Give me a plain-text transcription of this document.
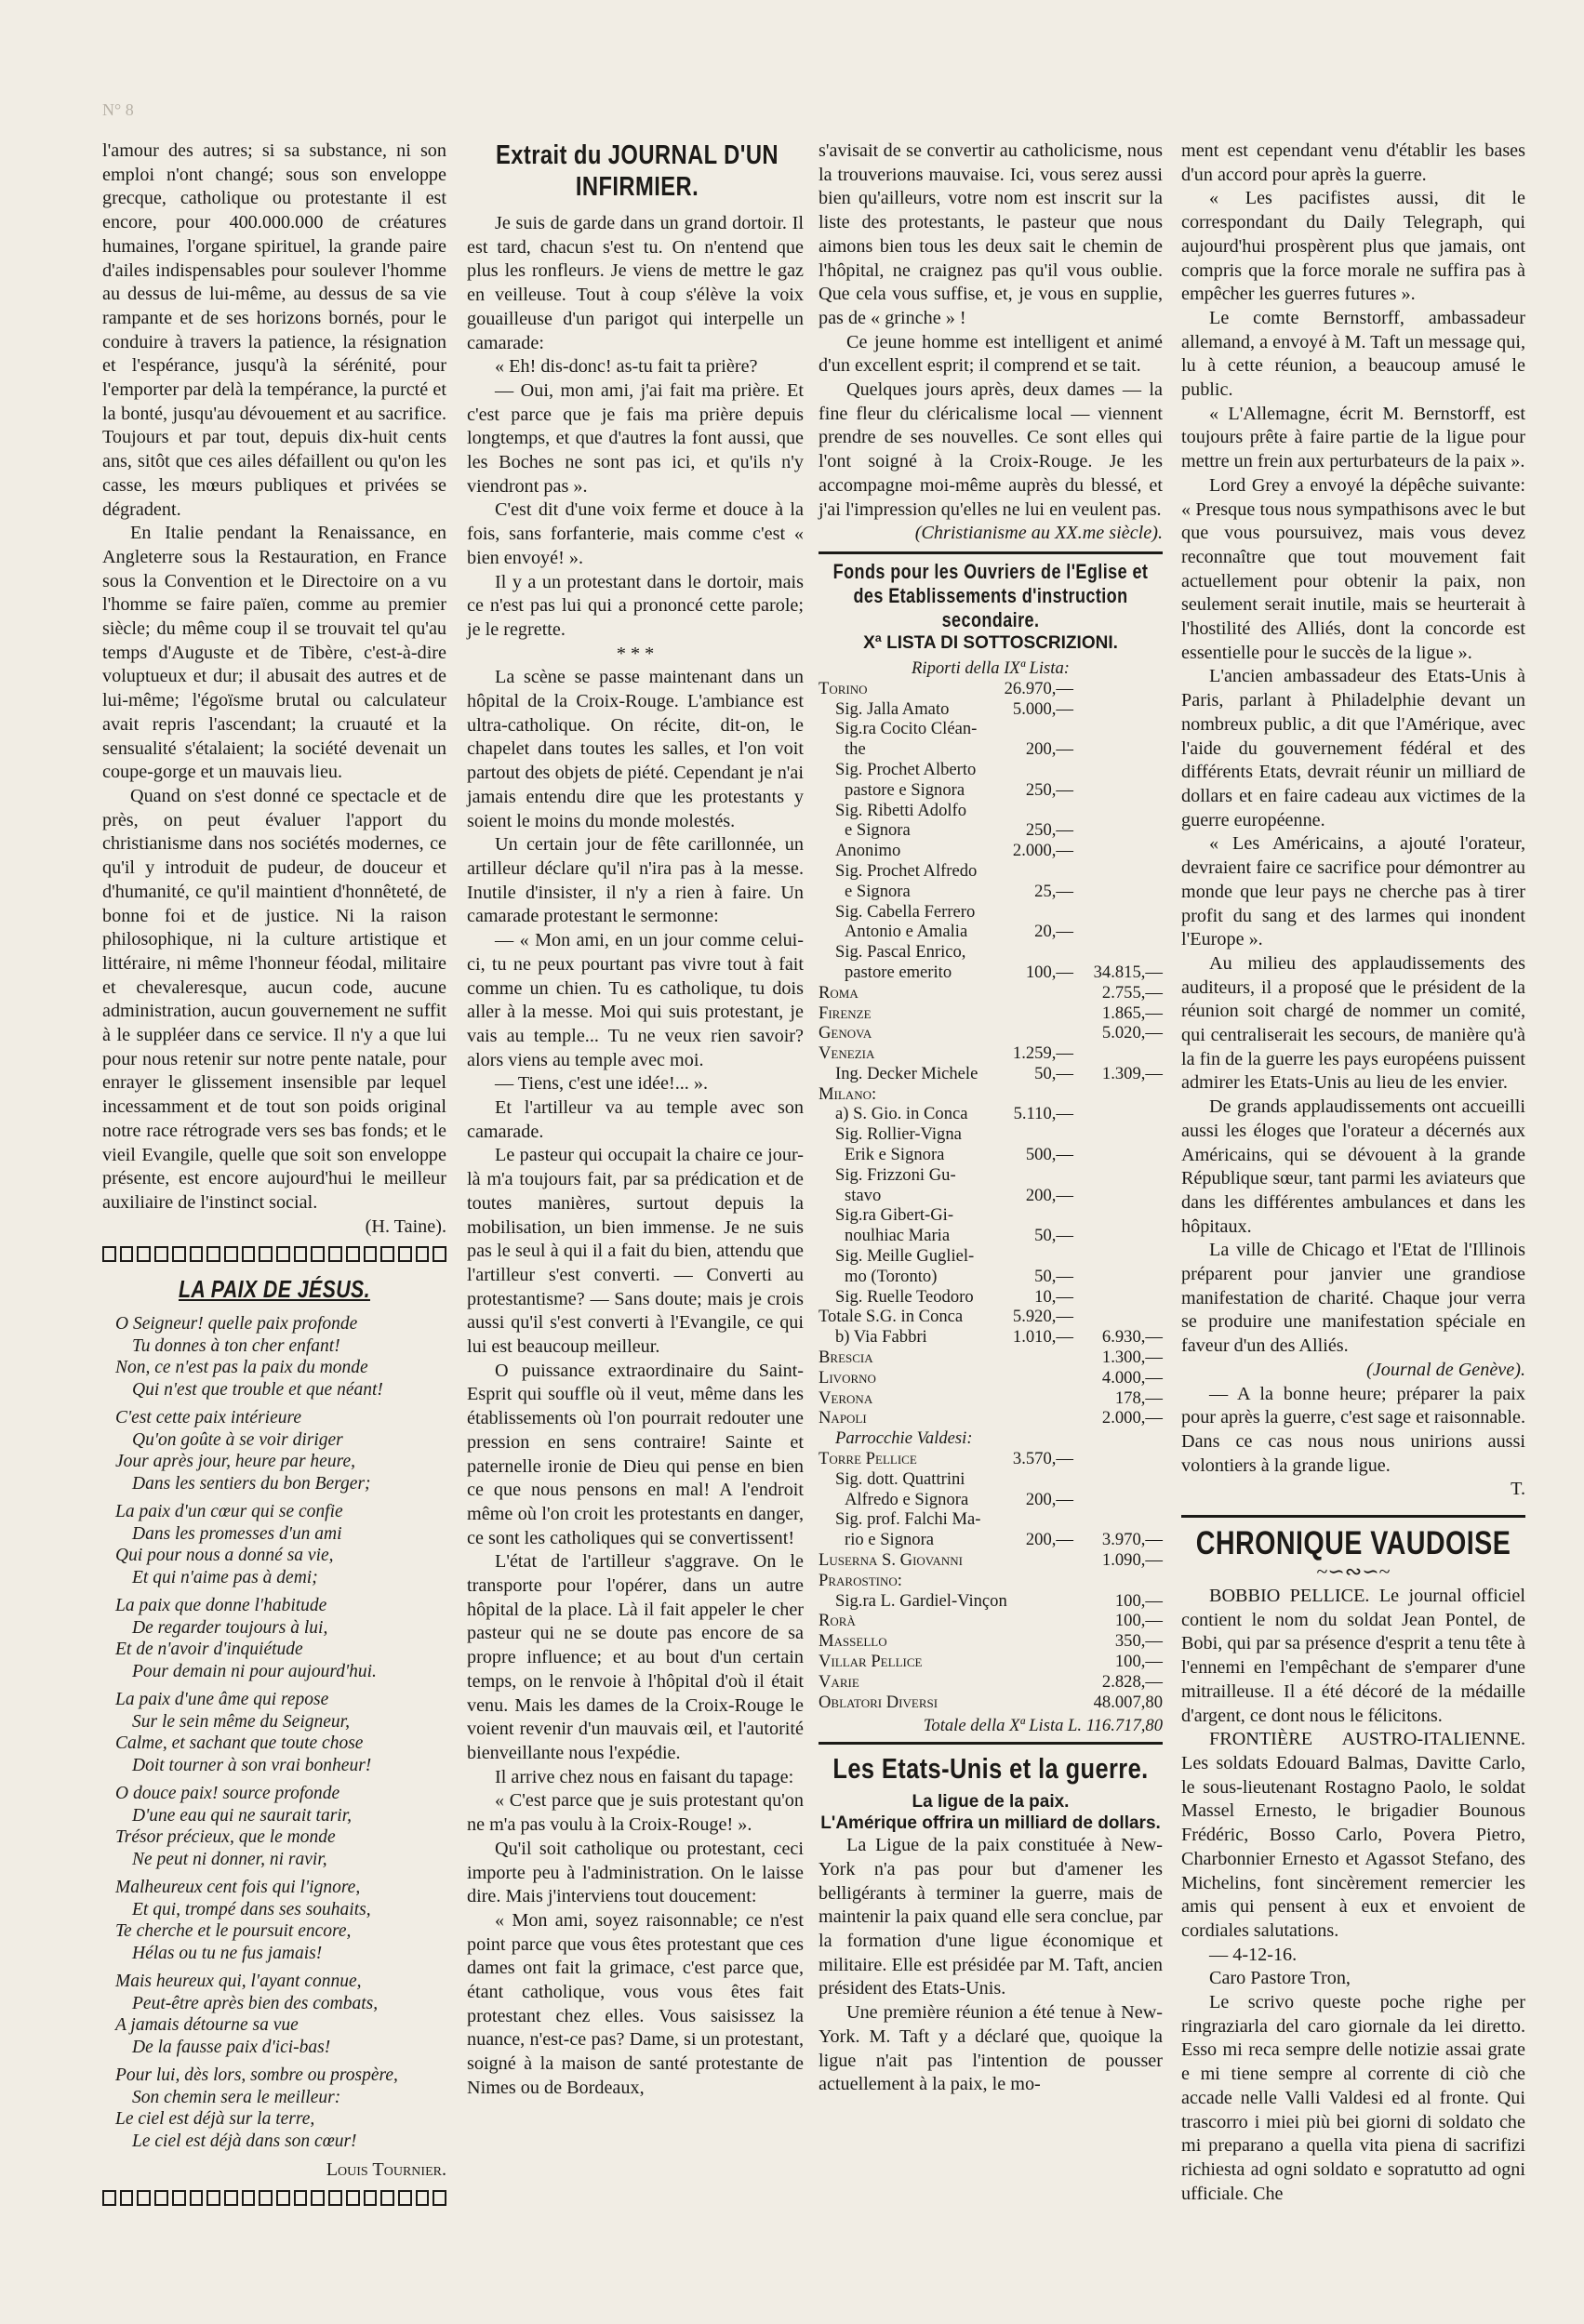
N° 8

l'amour des autres; si sa substance, ni son emploi n'ont changé; sous son enveloppe grecque, catholique ou protestante il est encore, pour 400.000.000 de créatures humaines, l'organe spirituel, la grande paire d'ailes indispensables pour soulever l'homme au dessus de lui-même, au dessus de sa vie rampante et de ses horizons bornés, pour le conduire à travers la patience, la résignation et l'espérance, jusqu'à la sérénité, pour l'emporter par delà la tempérance, la purcté et la bonté, jusqu'au dévouement et au sacrifice. Toujours et par tout, depuis dix-huit cents ans, sitôt que ces ailes défaillent ou qu'on les casse, les mœurs publiques et privées se dégradent.

En Italie pendant la Renaissance, en Angleterre sous la Restauration, en France sous la Convention et le Directoire on a vu l'homme se faire païen, comme au premier siècle; du même coup il se trouvait tel qu'au temps d'Auguste et de Tibère, c'est-à-dire voluptueux et dur; il abusait des autres et de lui-même; l'égoïsme brutal ou calculateur avait repris l'ascendant; la cruauté et la sensualité s'étalaient; la société devenait un coupe-gorge et un mauvais lieu.

Quand on s'est donné ce spectacle et de près, on peut évaluer l'apport du christianisme dans nos sociétés modernes, ce qu'il y introduit de pudeur, de douceur et d'humanité, ce qu'il maintient d'honnêteté, de bonne foi et de justice. Ni la raison philosophique, ni la culture artistique et littéraire, ni même l'honneur féodal, militaire et chevaleresque, aucun code, aucune administration, aucun gouvernement ne suffit à le suppléer dans ce service. Il n'y a que lui pour nous retenir sur notre pente natale, pour enrayer le glissement insensible par lequel incessamment et de tout son poids original notre race rétrograde vers ses bas fonds; et le vieil Evangile, quelle que soit son enveloppe présente, est encore aujourd'hui le meilleur auxiliaire de l'instinct social.

(H. Taine).
LA PAIX DE JÉSUS.
O Seigneur! quelle paix profonde
Tu donnes à ton cher enfant!
Non, ce n'est pas la paix du monde
Qui n'est que trouble et que néant!
C'est cette paix intérieure
Qu'on goûte à se voir diriger
Jour après jour, heure par heure,
Dans les sentiers du bon Berger;
La paix d'un cœur qui se confie
Dans les promesses d'un ami
Qui pour nous a donné sa vie,
Et qui n'aime pas à demi;
La paix que donne l'habitude
De regarder toujours à lui,
Et de n'avoir d'inquiétude
Pour demain ni pour aujourd'hui.
La paix d'une âme qui repose
Sur le sein même du Seigneur,
Calme, et sachant que toute chose
Doit tourner à son vrai bonheur!
O douce paix! source profonde
D'une eau qui ne saurait tarir,
Trésor précieux, que le monde
Ne peut ni donner, ni ravir,
Malheureux cent fois qui l'ignore,
Et qui, trompé dans ses souhaits,
Te cherche et le poursuit encore,
Hélas ou tu ne fus jamais!
Mais heureux qui, l'ayant connue,
Peut-être après bien des combats,
A jamais détourne sa vue
De la fausse paix d'ici-bas!
Pour lui, dès lors, sombre ou prospère,
Son chemin sera le meilleur:
Le ciel est déjà sur la terre,
Le ciel est déjà dans son cœur!
Louis Tournier.
Extrait du JOURNAL D'UN INFIRMIER.

Je suis de garde dans un grand dortoir. Il est tard, chacun s'est tu. On n'entend que plus les ronfleurs. Je viens de mettre le gaz en veilleuse. Tout à coup s'élève la voix gouailleuse d'un parigot qui interpelle un camarade:

« Eh! dis-donc! as-tu fait ta prière?

— Oui, mon ami, j'ai fait ma prière. Et c'est parce que je fais ma prière depuis longtemps, et que d'autres la font aussi, que les Boches ne sont pas ici, et qu'ils n'y viendront pas ».

C'est dit d'une voix ferme et douce à la fois, sans forfanterie, mais comme c'est « bien envoyé! ».

Il y a un protestant dans le dortoir, mais ce n'est pas lui qui a prononcé cette parole; je le regrette.

* * *

La scène se passe maintenant dans un hôpital de la Croix-Rouge. L'ambiance est ultra-catholique. On récite, dit-on, le chapelet dans toutes les salles, et l'on voit partout des objets de piété. Cependant je n'ai jamais entendu dire que les protestants y soient le moins du monde molestés.

Un certain jour de fête carillonnée, un artilleur déclare qu'il n'ira pas à la messe. Inutile d'insister, il n'y a rien à faire. Un camarade protestant le sermonne:

— « Mon ami, en un jour comme celui-ci, tu ne peux pourtant pas vivre tout à fait comme un chien. Tu es catholique, tu dois aller à la messe. Moi qui suis protestant, je vais au temple... Tu ne veux rien savoir? alors viens au temple avec moi.

— Tiens, c'est une idée!... ».

Et l'artilleur va au temple avec son camarade.

Le pasteur qui occupait la chaire ce jour-là m'a toujours fait, par sa prédication et de toutes manières, surtout depuis la mobilisation, un bien immense. Je ne suis pas le seul à qui il a fait du bien, attendu que l'artilleur s'est converti. — Converti au protestantisme? — Sans doute; mais je crois aussi qu'il s'est converti à l'Evangile, ce qui lui est beaucoup meilleur.

O puissance extraordinaire du Saint-Esprit qui souffle où il veut, même dans les établissements où l'on pourrait redouter une pression en sens contraire! Sainte et paternelle ironie de Dieu qui pense en bien ce que nous pensons en mal! A l'endroit même où l'on croit les protestants en danger, ce sont les catholiques qui se convertissent!

L'état de l'artilleur s'aggrave. On le transporte pour l'opérer, dans un autre hôpital de la place. Là il fait appeler le cher pasteur qui ne se doute pas encore de sa propre influence; et au bout d'un certain temps, on le renvoie à l'hôpital d'où il était venu. Mais les dames de la Croix-Rouge le voient revenir d'un mauvais œil, et l'autorité bienveillante nous l'expédie.

Il arrive chez nous en faisant du tapage:

« C'est parce que je suis protestant qu'on ne m'a pas voulu à la Croix-Rouge! ».

Qu'il soit catholique ou protestant, ceci importe peu à l'administration. On le laisse dire. Mais j'interviens tout doucement:

« Mon ami, soyez raisonnable; ce n'est point parce que vous êtes protestant que ces dames ont fait la grimace, c'est parce que, étant catholique, vous vous êtes fait protestant chez elles. Vous saisissez la nuance, n'est-ce pas? Dame, si un protestant, soigné à la maison de santé protestante de Nimes ou de Bordeaux,

s'avisait de se convertir au catholicisme, nous la trouverions mauvaise. Ici, vous serez aussi bien qu'ailleurs, votre nom est inscrit sur la liste des protestants, le pasteur que nous aimons bien tous les deux sait le chemin de l'hôpital, ne craignez pas qu'il vous oublie. Que cela vous suffise, et, je vous en supplie, pas de « grinche » !

Ce jeune homme est intelligent et animé d'un excellent esprit; il comprend et se tait.

Quelques jours après, deux dames — la fine fleur du cléricalisme local — viennent prendre de ses nouvelles. Ce sont elles qui l'ont soigné à la Croix-Rouge. Je les accompagne moi-même auprès du blessé, et j'ai l'impression qu'elles ne lui en veulent pas.

(Christianisme au XX.me siècle).
Fonds pour les Ouvriers de l'Eglise et des Etablissements d'instruction secondaire.
Xª LISTA DI SOTTOSCRIZIONI.
Riporti della IXª Lista:
Torino	26.970,—
Sig. Jalla Amato	5.000,—
Sig.ra Cocito Cléan-
the	200,—
Sig. Prochet Alberto
pastore e Signora	250,—
Sig. Ribetti Adolfo
e Signora	250,—
Anonimo	2.000,—
Sig. Prochet Alfredo
e Signora	25,—
Sig. Cabella Ferrero
Antonio e Amalia	20,—
Sig. Pascal Enrico,
pastore emerito	100,— 34.815,—
Roma	2.755,—
Firenze	1.865,—
Genova	5.020,—
Venezia	1.259,—
Ing. Decker Michele	50,— 1.309,—
Milano:
a) S. Gio. in Conca	5.110,—
Sig. Rollier-Vigna
Erik e Signora	500,—
Sig. Frizzoni Gu-
stavo	200,—
Sig.ra Gibert-Gi-
noulhiac Maria	50,—
Sig. Meille Gugliel-
mo (Toronto)	50,—
Sig. Ruelle Teodoro	10,—
Totale S.G. in Conca	5.920,—
b) Via Fabbri	1.010,— 6.930,—
Brescia	1.300,—
Livorno	4.000,—
Verona	178,—
Napoli	2.000,—
Parrocchie Valdesi:
Torre Pellice	3.570,—
Sig. dott. Quattrini
Alfredo e Signora	200,—
Sig. prof. Falchi Ma-
rio e Signora	200,— 3.970,—
Luserna S. Giovanni	1.090,—
Prarostino:
Sig.ra L. Gardiel-Vinçon	100,—
Rorà	100,—
Massello	350,—
Villar Pellice	100,—
Varie	2.828,—
Oblatori Diversi	48.007,80
Totale della Xª Lista L. 116.717,80
Les Etats-Unis et la guerre.
La ligue de la paix.
L'Amérique offrira un milliard de dollars.

La Ligue de la paix constituée à New-York n'a pas pour but d'amener les belligérants à terminer la guerre, mais de maintenir la paix quand elle sera conclue, par la formation d'une ligue économique et militaire. Elle est présidée par M. Taft, ancien président des Etats-Unis.

Une première réunion a été tenue à New-York. M. Taft y a déclaré que, quoique la ligue n'ait pas l'intention de pousser actuellement à la paix, le mo-

ment est cependant venu d'établir les bases d'un accord pour après la guerre.

« Les pacifistes aussi, dit le correspondant du Daily Telegraph, qui aujourd'hui prospèrent plus que jamais, ont compris que la force morale ne suffira pas à empêcher les guerres futures ».

Le comte Bernstorff, ambassadeur allemand, a envoyé à M. Taft un message qui, lu à cette réunion, a beaucoup amusé le public.

« L'Allemagne, écrit M. Bernstorff, est toujours prête à faire partie de la ligue pour mettre un frein aux perturbateurs de la paix ».

Lord Grey a envoyé la dépêche suivante: « Presque tous nous sympathisons avec le but que vous poursuivez, mais vous devez reconnaître que tout mouvement fait actuellement pour obtenir la paix, non seulement serait inutile, mais se heurterait à l'hostilité des Alliés, dont la concorde est essentielle pour le succès de la ligue ».

L'ancien ambassadeur des Etats-Unis à Paris, parlant à Philadelphie devant un nombreux public, a dit que l'Amérique, avec l'aide du gouvernement fédéral et des différents Etats, devrait réunir un milliard de dollars et en faire cadeau aux victimes de la guerre européenne.

« Les Américains, a ajouté l'orateur, devraient faire ce sacrifice pour démontrer au monde que leur pays ne cherche pas à tirer profit du sang et des larmes qui inondent l'Europe ».

Au milieu des applaudissements des auditeurs, il a proposé que le président de la réunion soit chargé de nommer un comité, qui centraliserait les secours, de manière qu'à la fin de la guerre les pays européens puissent admirer les Etats-Unis au lieu de les envier.

De grands applaudissements ont accueilli aussi les éloges que l'orateur a décernés aux Américains, qui se dévouent à la grande République sœur, tant parmi les aviateurs que dans les différentes ambulances et dans les hôpitaux.

La ville de Chicago et l'Etat de l'Illinois préparent pour janvier une grandiose manifestation de charité. Chaque jour verra se produire une manifestation spéciale en faveur d'un des Alliés.

(Journal de Genève).

— A la bonne heure; préparer la paix pour après la guerre, c'est sage et raisonnable. Dans ce cas nous nous unirions aussi volontiers à la grande ligue.

T.
CHRONIQUE VAUDOISE
~∽∾∽~

BOBBIO PELLICE. Le journal officiel contient le nom du soldat Jean Pontel, de Bobi, qui par sa présence d'esprit a tenu tête à l'ennemi en l'empêchant de s'emparer d'une mitrailleuse. Il a été décoré de la médaille d'argent, ce dont nous le félicitons.

FRONTIÈRE AUSTRO-ITALIENNE. Les soldats Edouard Balmas, Davitte Carlo, le sous-lieutenant Rostagno Paolo, le soldat Massel Ernesto, le brigadier Bounous Frédéric, Bosso Carlo, Povera Pietro, Charbonnier Ernesto et Agassot Stefano, des Michelins, font sincèrement remercier les amis qui pensent à eux et envoient de cordiales salutations.

— 4-12-16.

Caro Pastore Tron,

Le scrivo queste poche righe per ringraziarla del caro giornale da lei diretto. Esso mi reca sempre delle notizie assai grate e mi tiene sempre al corrente di ciò che accade nelle Valli Valdesi ed al fronte. Qui trascorro i miei più bei giorni di soldato che mi preparano a quella vita piena di sacrifizi richiesta ad ogni soldato e sopratutto ad ogni ufficiale. Che
